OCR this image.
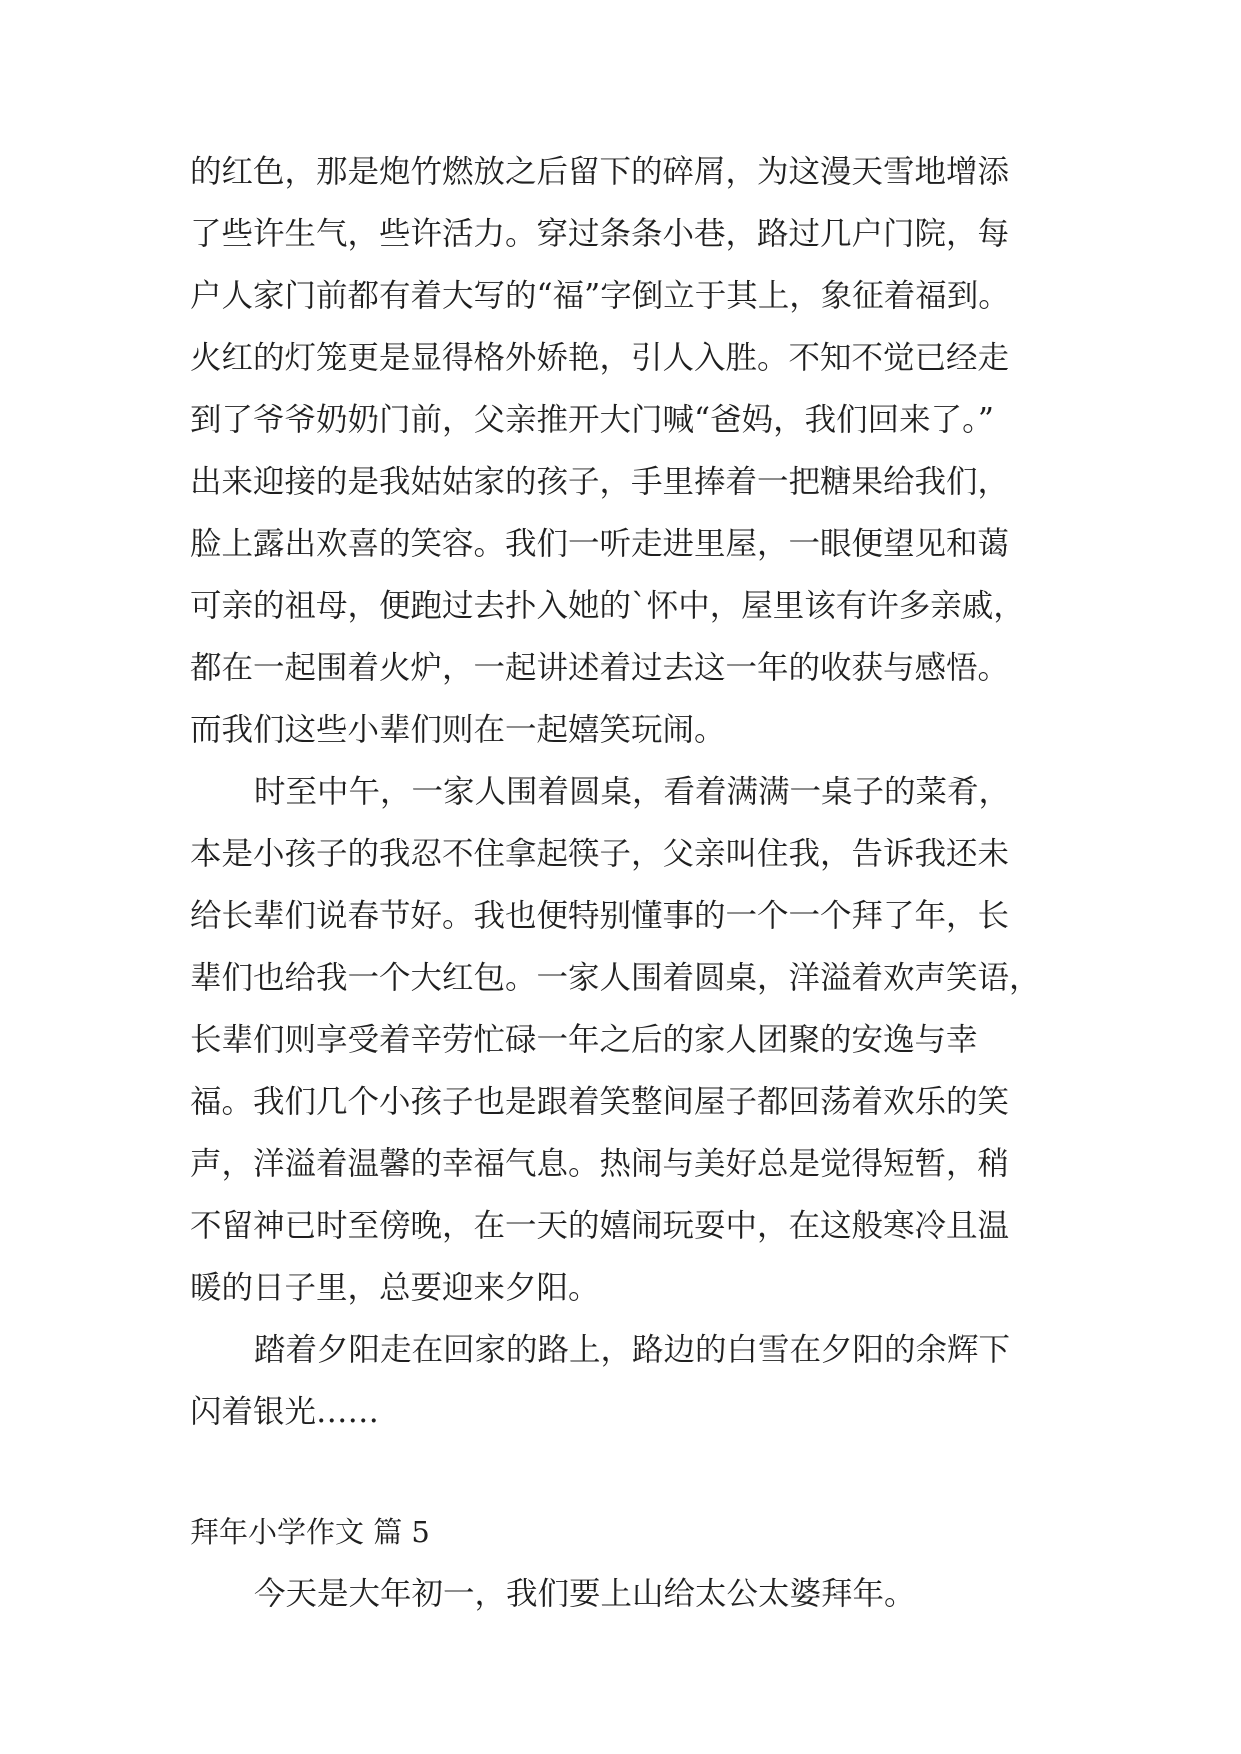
的红色，那是炮竹燃放之后留下的碎屑，为这漫天雪地增添

了些许生气，些许活力。穿过条条小巷，路过几户门院，每

户人家门前都有着大写的“福”字倒立于其上，象征着福到。

火红的灯笼更是显得格外娇艳，引人入胜。不知不觉已经走

到了爷爷奶奶门前，父亲推开大门喊“爸妈，我们回来了。”

出来迎接的是我姑姑家的孩子，手里捧着一把糖果给我们，

脸上露出欢喜的笑容。我们一听走进里屋，一眼便望见和蔼

可亲的祖母，便跑过去扑入她的`怀中，屋里该有许多亲戚，

都在一起围着火炉，一起讲述着过去这一年的收获与感悟。

而我们这些小辈们则在一起嬉笑玩闹。

时至中午，一家人围着圆桌，看着满满一桌子的菜肴，

本是小孩子的我忍不住拿起筷子，父亲叫住我，告诉我还未

给长辈们说春节好。我也便特别懂事的一个一个拜了年，长

辈们也给我一个大红包。一家人围着圆桌，洋溢着欢声笑语，

长辈们则享受着辛劳忙碌一年之后的家人团聚的安逸与幸

福。我们几个小孩子也是跟着笑整间屋子都回荡着欢乐的笑

声，洋溢着温馨的幸福气息。热闹与美好总是觉得短暂，稍

不留神已时至傍晚，在一天的嬉闹玩耍中，在这般寒冷且温

暖的日子里，总要迎来夕阳。

踏着夕阳走在回家的路上，路边的白雪在夕阳的余辉下

闪着银光……

拜年小学作文 篇 5

今天是大年初一，我们要上山给太公太婆拜年。
